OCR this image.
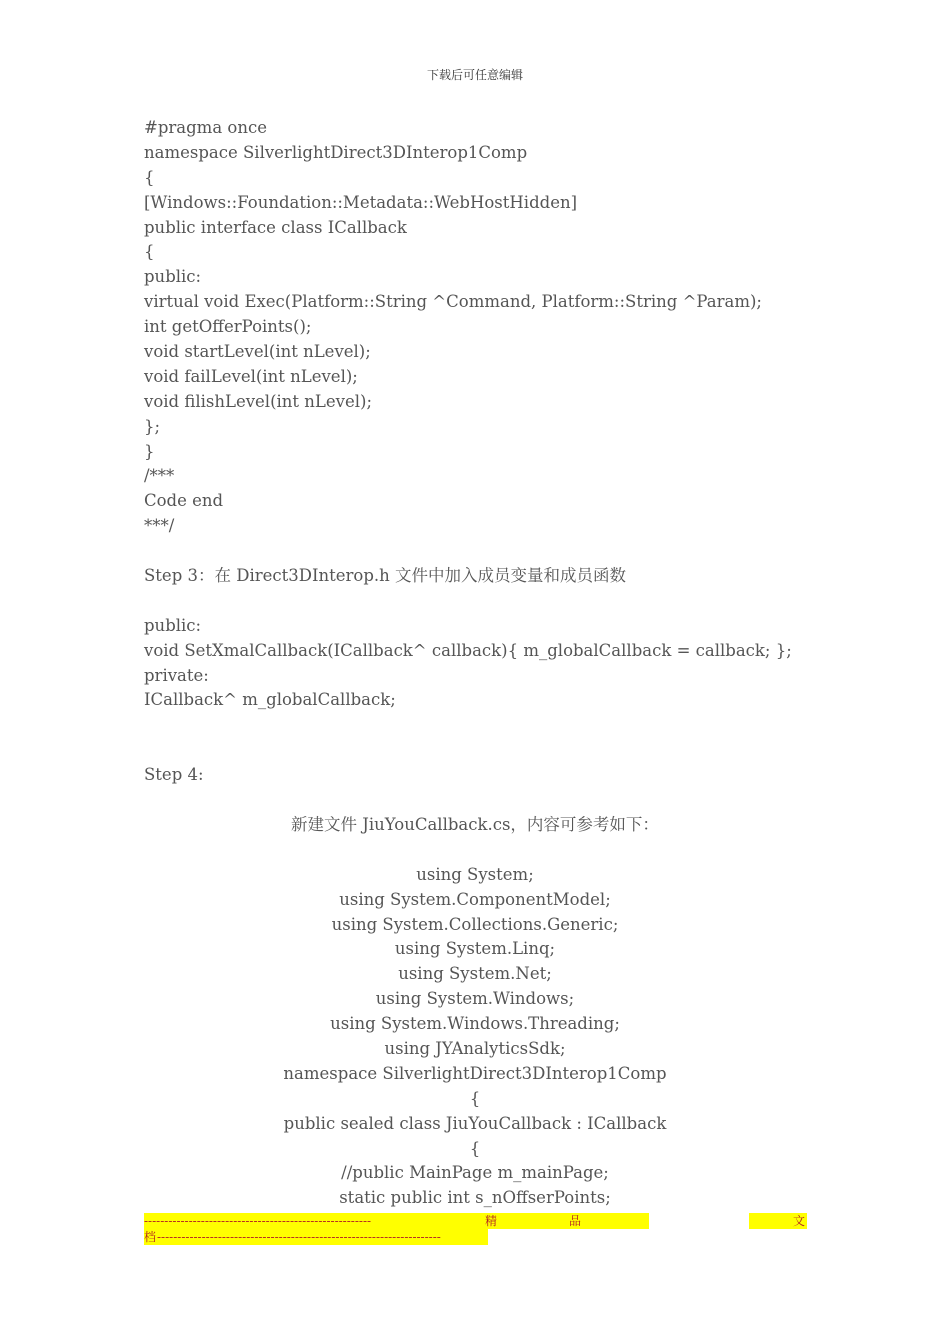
下载后可任意编辑
#pragma once
namespace SilverlightDirect3DInterop1Comp
{
[Windows::Foundation::Metadata::WebHostHidden]
public interface class ICallback
{
public:
virtual void Exec(Platform::String ^Command, Platform::String ^Param);
int getOfferPoints();
void startLevel(int nLevel);
void failLevel(int nLevel);
void filishLevel(int nLevel);
};
}
/***
Code end
***/
Step 3：在 Direct3DInterop.h 文件中加入成员变量和成员函数
public:
void SetXmalCallback(ICallback^ callback){ m_globalCallback = callback; };
private:
ICallback^ m_globalCallback;
Step 4:
新建文件 JiuYouCallback.cs，内容可参考如下：
using System;
using System.ComponentModel;
using System.Collections.Generic;
using System.Linq;
using System.Net;
using System.Windows;
using System.Windows.Threading;
using JYAnalyticsSdk;
namespace SilverlightDirect3DInterop1Comp
{
public sealed class JiuYouCallback : ICallback
{
//public MainPage m_mainPage;
static public int s_nOffserPoints;
--------------------------------------------------------	精	品	文
档 ----------------------------------------------------------------------
